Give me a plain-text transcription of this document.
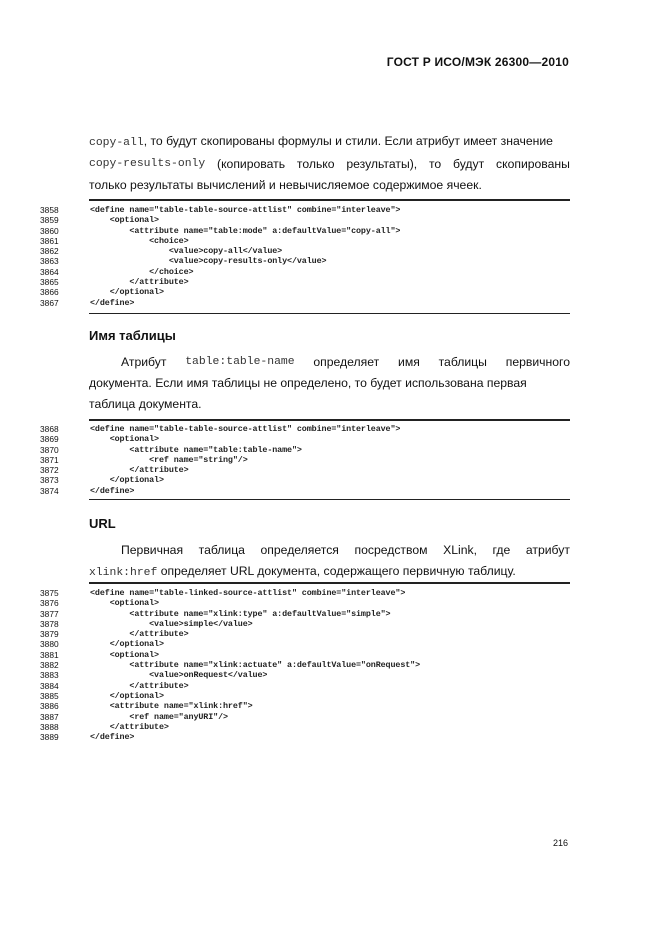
ГОСТ Р ИСО/МЭК 26300—2010
copy-all, то будут скопированы формулы и стили. Если атрибут имеет значение
copy-results-only (копировать только результаты), то будут скопированы
только результаты вычислений и невычисляемое содержимое ячеек.
3858	<define name="table-table-source-attlist" combine="interleave">
3859	<optional>
3860	<attribute name="table:mode" a:defaultValue="copy-all">
3861	<choice>
3862	<value>copy-all</value>
3863	<value>copy-results-only</value>
3864	</choice>
3865	</attribute>
3866	</optional>
3867	</define>
Имя таблицы
Атрибут table:table-name определяет имя таблицы первичного
документа. Если имя таблицы не определено, то будет использована первая
таблица документа.
3868	<define name="table-table-source-attlist" combine="interleave">
3869	<optional>
3870	<attribute name="table:table-name">
3871	<ref name="string"/>
3872	</attribute>
3873	</optional>
3874	</define>
URL
Первичная таблица определяется посредством XLink, где атрибут
xlink:href определяет URL документа, содержащего первичную таблицу.
3875	<define name="table-linked-source-attlist" combine="interleave">
3876	<optional>
3877	<attribute name="xlink:type" a:defaultValue="simple">
3878	<value>simple</value>
3879	</attribute>
3880	</optional>
3881	<optional>
3882	<attribute name="xlink:actuate" a:defaultValue="onRequest">
3883	<value>onRequest</value>
3884	</attribute>
3885	</optional>
3886	<attribute name="xlink:href">
3887	<ref name="anyURI"/>
3888	</attribute>
3889	</define>
216
